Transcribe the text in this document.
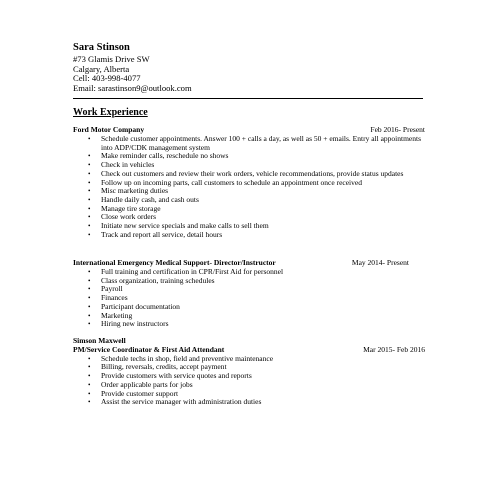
Sara Stinson
#73 Glamis Drive SW
Calgary, Alberta
Cell: 403-998-4077
Email: sarastinson9@outlook.com
Work Experience
Ford Motor Company	Feb 2016- Present
• Schedule customer appointments. Answer 100 + calls a day, as well as 50 + emails. Entry all appointments into ADP/CDK management system
• Make reminder calls, reschedule no shows
• Check in vehicles
• Check out customers and review their work orders, vehicle recommendations, provide status updates
• Follow up on incoming parts, call customers to schedule an appointment once received
• Misc marketing duties
• Handle daily cash, and cash outs
• Manage tire storage
• Close work orders
• Initiate new service specials and make calls to sell them
• Track and report all service, detail hours
International Emergency Medical Support- Director/Instructor	May 2014- Present
• Full training and certification in CPR/First Aid for personnel
• Class organization, training schedules
• Payroll
• Finances
• Participant documentation
• Marketing
• Hiring new instructors
Simson Maxwell
PM/Service Coordinator & First Aid Attendant	Mar 2015- Feb 2016
• Schedule techs in shop, field and preventive maintenance
• Billing, reversals, credits, accept payment
• Provide customers with service quotes and reports
• Order applicable parts for jobs
• Provide customer support
• Assist the service manager with administration duties
